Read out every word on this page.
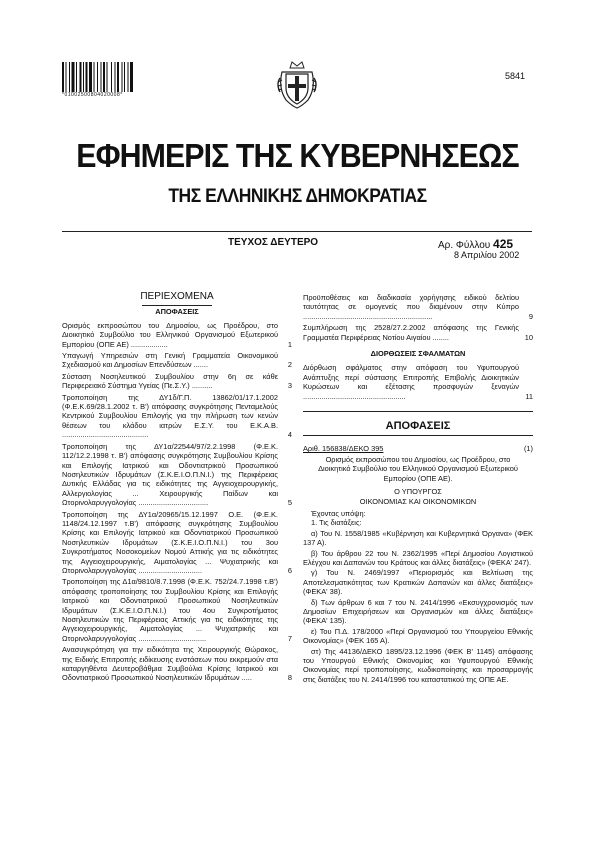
*01002500804020008*
5841
ΕΦΗΜΕΡΙΣ ΤΗΣ ΚΥΒΕΡΝΗΣΕΩΣ
ΤΗΣ ΕΛΛΗΝΙΚΗΣ ΔΗΜΟΚΡΑΤΙΑΣ
ΤΕΥΧΟΣ ΔΕΥΤΕΡΟ	Αρ. Φύλλου 425
8 Απριλίου 2002
ΠΕΡΙΕΧΟΜΕΝΑ
ΑΠΟΦΑΣΕΙΣ
Ορισμός εκπροσώπου του Δημοσίου, ως Προέδρου, στο Διοικητικό Συμβούλιο του Ελληνικού Οργανισμού Εξωτερικού Εμπορίου (ΟΠΕ ΑΕ) ..................	1
Υπαγωγή Υπηρεσιών στη Γενική Γραμματεία Οικονομικού Σχεδιασμού και Δημοσίων Επενδύσεων .......	2
Σύσταση Νοσηλευτικού Συμβουλίου στην 6η σε κάθε Περιφερειακό Σύστημα Υγείας (Πε.Σ.Υ.) ..........	3
Τροποποίηση της ΔΥ1δ/Γ.Π. 13862/01/17.1.2002 (Φ.Ε.Κ.69/28.1.2002 τ. Β') απόφασης συγκρότησης Πενταμελούς Κεντρικού Συμβουλίου Επιλογής για την πλήρωση των κενών θέσεων του κλάδου ιατρών Ε.Σ.Υ. του Ε.Κ.Α.Β. ..........................................	4
Τροποποίηση της ΔΥ1α/22544/97/2.2.1998 (Φ.Ε.Κ. 112/12.2.1998 τ. Β') απόφασης συγκρότησης Συμβουλίου Κρίσης και Επιλογής Ιατρικού και Οδοντιατρικού Προσωπικού Νοσηλευτικών Ιδρυμάτων (Σ.Κ.Ε.Ι.Ο.Π.Ν.Ι.) της Περιφέρειας Δυτικής Ελλάδας για τις ειδικότητες της Αγγειοχειρουργικής, Αλλεργιολογίας ... Χειρουργικής Παίδων και Ωτορινολαρυγγολογίας ..................................	5
Τροποποίηση της ΔΥ1α/20965/15.12.1997 Ο.Ε. (Φ.Ε.Κ. 1148/24.12.1997 τ.Β') απόφασης συγκρότησης Συμβουλίου Κρίσης και Επιλογής Ιατρικού και Οδοντιατρικού Προσωπικού Νοσηλευτικών Ιδρυμάτων (Σ.Κ.Ε.Ι.Ο.Π.Ν.Ι.) του 3ου Συγκροτήματος Νοσοκομείων Νομού Αττικής για τις ειδικότητες της Αγγειοχειρουργικής, Αιματολογίας ... Ψυχιατρικής και Ωτορινολαρυγγολογίας ...............................	6
Τροποποίηση της Δ1α/9810/8.7.1998 (Φ.Ε.Κ. 752/24.7.1998 τ.Β') απόφασης τροποποίησης του Συμβουλίου Κρίσης και Επιλογής Ιατρικού και Οδοντιατρικού Προσωπικού Νοσηλευτικών Ιδρυμάτων (Σ.Κ.Ε.Ι.Ο.Π.Ν.Ι.) του 4ου Συγκροτήματος Νοσηλευτικών της Περιφέρειας Αττικής για τις ειδικότητες της Αγγειοχειρουργικής, Αιματολογίας ... Ψυχιατρικής και Ωτορινολαρυγγολογίας .................................	7
Ανασυγκρότηση για την ειδικότητα της Χειρουργικής Θώρακος, της Ειδικής Επιτροπής ειδίκευσης ενστάσεων που εκκρεμούν στα καταργηθέντα Δευτεροβάθμια Συμβούλια Κρίσης Ιατρικού και Οδοντιατρικού Προσωπικού Νοσηλευτικών Ιδρυμάτων .....	8
Προϋποθέσεις και διαδικασία χορήγησης ειδικού δελτίου ταυτότητας σε ομογενείς που διαμένουν στην Κύπρο ...............................................................	9
Συμπλήρωση της 2528/27.2.2002 απόφασης της Γενικής Γραμματέα Περιφέρειας Νοτίου Αιγαίου ........	10
ΔΙΟΡΘΩΣΕΙΣ ΣΦΑΛΜΑΤΩΝ
Διόρθωση σφάλματος στην απόφαση του Υφυπουργού Ανάπτυξης περί σύστασης Επιτροπής Επιβολής Διοικητικών Κυρώσεων και εξέτασης προσφυγών ξεναγών ..................................................	11
ΑΠΟΦΑΣΕΙΣ
Αριθ. 156838/ΔΕΚΟ 395	(1)
Ορισμός εκπροσώπου του Δημοσίου, ως Προέδρου, στο Διοικητικό Συμβούλιο του Ελληνικού Οργανισμού Εξωτερικού Εμπορίου (ΟΠΕ ΑΕ).
Ο ΥΠΟΥΡΓΟΣ
ΟΙΚΟΝΟΜΙΑΣ ΚΑΙ ΟΙΚΟΝΟΜΙΚΩΝ
Έχοντας υπόψη:

1. Τις διατάξεις:

α) Του Ν. 1558/1985 «Κυβέρνηση και Κυβερνητικά Όργανα» (ΦΕΚ 137 Α).

β) Του άρθρου 22 του Ν. 2362/1995 «Περί Δημοσίου Λογιστικού Ελέγχου και Δαπανών του Κράτους και άλλες διατάξεις» (ΦΕΚΑ' 247).

γ) Του Ν. 2469/1997 «Περιορισμός και Βελτίωση της Αποτελεσματικότητας των Κρατικών Δαπανών και άλλες διατάξεις» (ΦΕΚΑ' 38).

δ) Των άρθρων 6 και 7 του Ν. 2414/1996 «Εκσυγχρονισμός των Δημοσίων Επιχειρήσεων και Οργανισμών και άλλες διατάξεις» (ΦΕΚΑ' 135).

ε) Του Π.Δ. 178/2000 «Περί Οργανισμού του Υπουργείου Εθνικής Οικονομίας» (ΦΕΚ 165 Α).

στ) Της 44136/ΔΕΚΟ 1895/23.12.1996 (ΦΕΚ Β' 1145) απόφασης του Υπουργού Εθνικής Οικονομίας και Υφυπουργού Εθνικής Οικονομίας περί τροποποίησης, κωδικοποίησης και προσαρμογής στις διατάξεις του Ν. 2414/1996 του καταστατικού της ΟΠΕ ΑΕ.
